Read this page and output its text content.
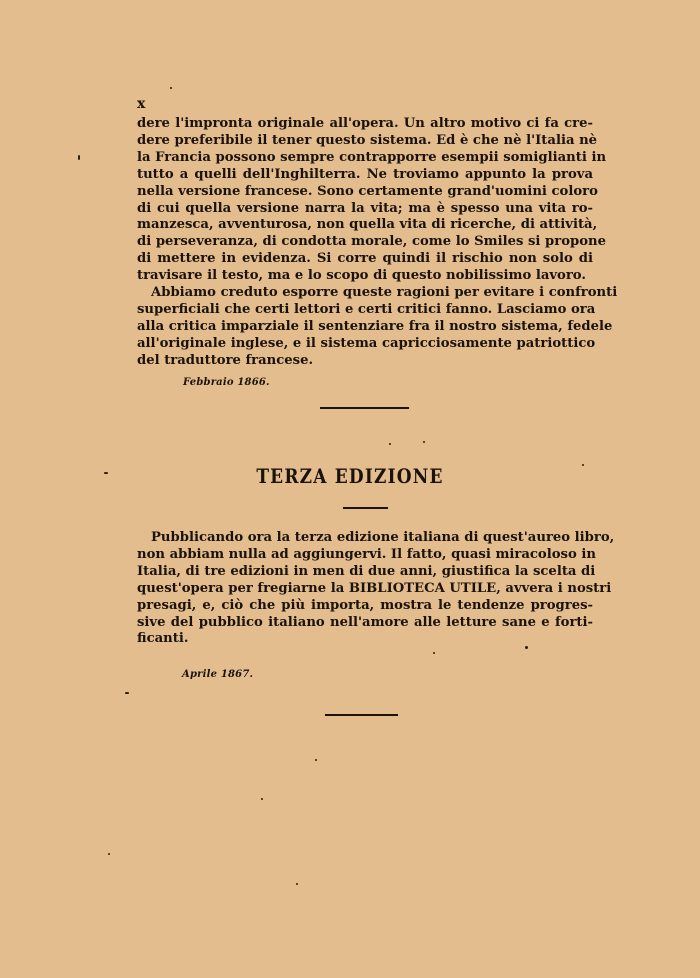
x

dere l'impronta originale all'opera. Un altro motivo ci fa cre-
dere preferibile il tener questo sistema. Ed è che nè l'Italia nè
la Francia possono sempre contrapporre esempii somiglianti in
tutto a quelli dell'Inghilterra. Ne troviamo appunto la prova
nella versione francese. Sono certamente grand'uomini coloro
di cui quella versione narra la vita; ma è spesso una vita ro-
manzesca, avventurosa, non quella vita di ricerche, di attività,
di perseveranza, di condotta morale, come lo Smiles si propone
di mettere in evidenza. Si corre quindi il rischio non solo di
travisare il testo, ma e lo scopo di questo nobilissimo lavoro.

Abbiamo creduto esporre queste ragioni per evitare i confronti
superficiali che certi lettori e certi critici fanno. Lasciamo ora
alla critica imparziale il sentenziare fra il nostro sistema, fedele
all'originale inglese, e il sistema capricciosamente patriottico
del traduttore francese.

Febbraio 1866.
TERZA EDIZIONE

Pubblicando ora la terza edizione italiana di quest'aureo libro,
non abbiam nulla ad aggiungervi. Il fatto, quasi miracoloso in
Italia, di tre edizioni in men di due anni, giustifica la scelta di
quest'opera per fregiarne la BIBLIOTECA UTILE, avvera i nostri
presagi, e, ciò che più importa, mostra le tendenze progres-
sive del pubblico italiano nell'amore alle letture sane e forti-
ficanti.

Aprile 1867.
